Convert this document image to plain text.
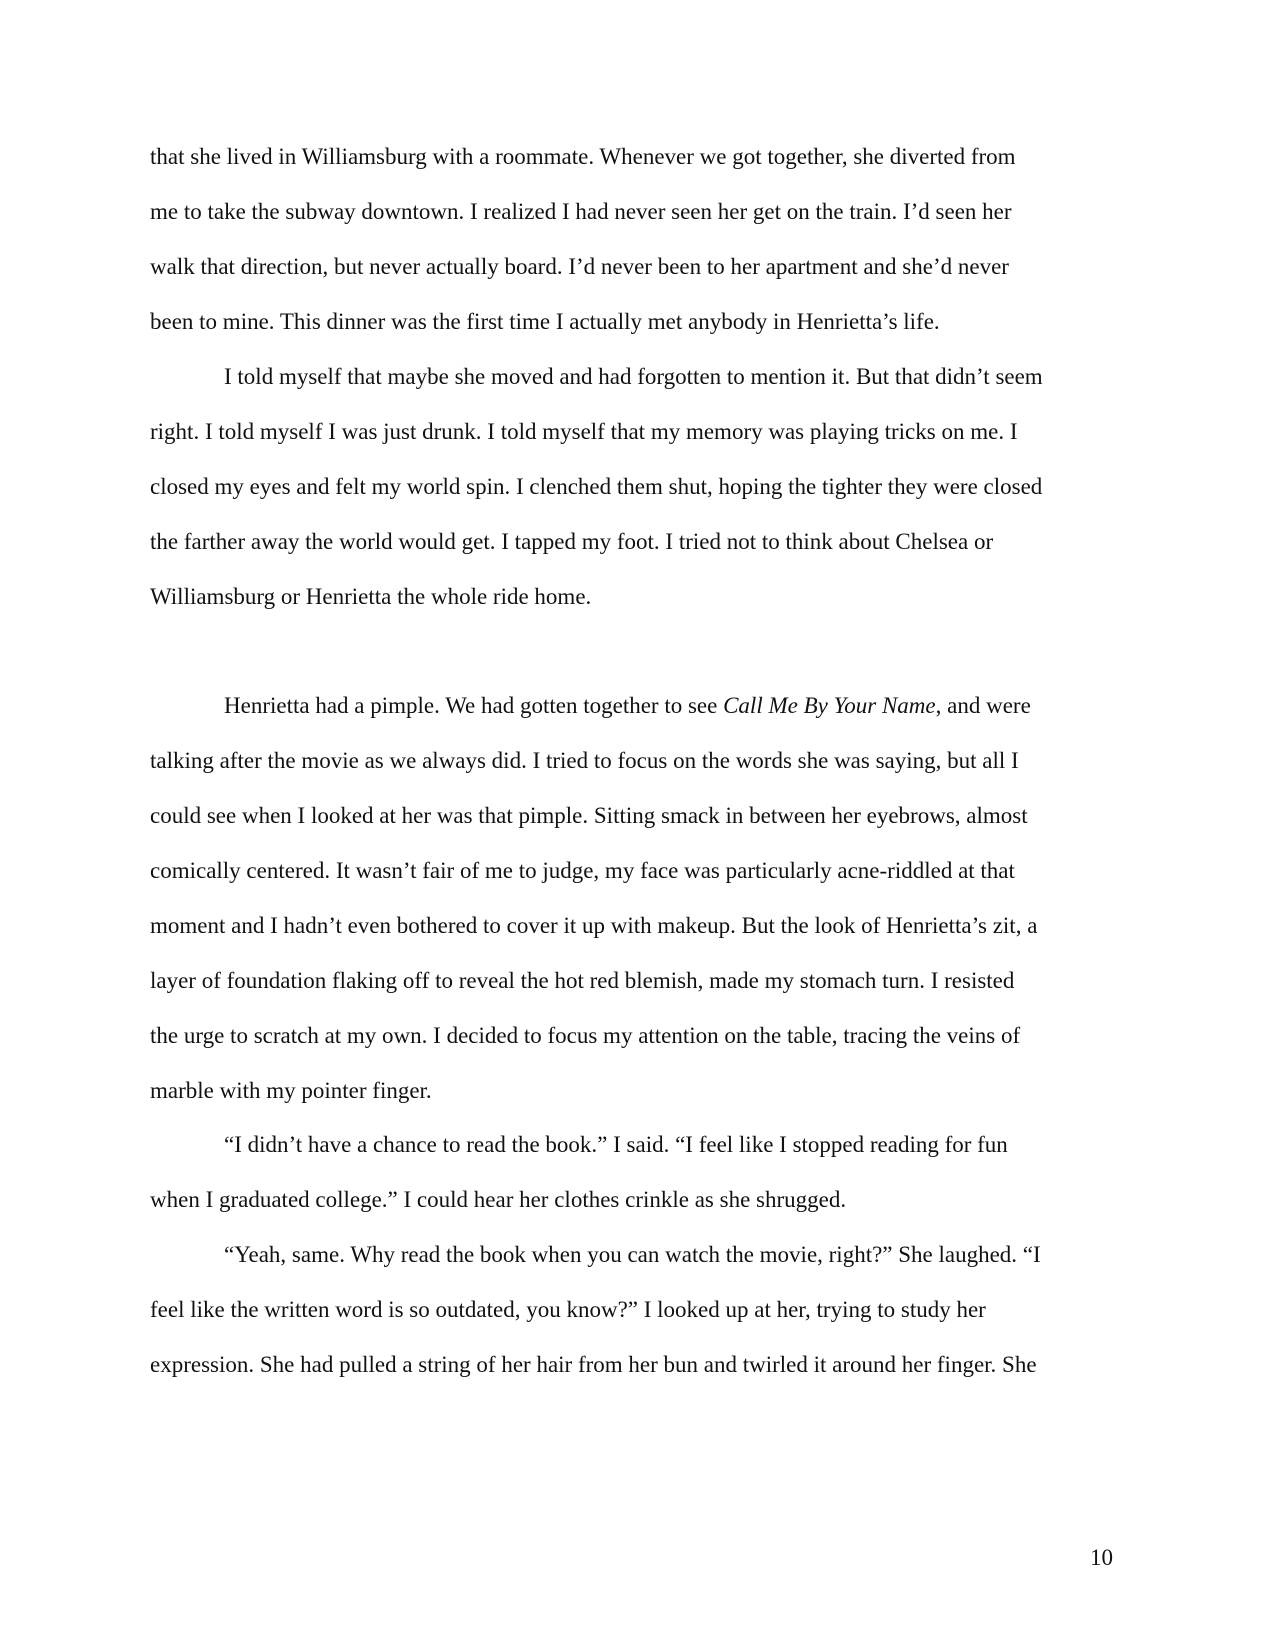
that she lived in Williamsburg with a roommate. Whenever we got together, she diverted from
me to take the subway downtown. I realized I had never seen her get on the train. I’d seen her
walk that direction, but never actually board. I’d never been to her apartment and she’d never
been to mine. This dinner was the first time I actually met anybody in Henrietta’s life.
I told myself that maybe she moved and had forgotten to mention it. But that didn’t seem
right. I told myself I was just drunk. I told myself that my memory was playing tricks on me. I
closed my eyes and felt my world spin. I clenched them shut, hoping the tighter they were closed
the farther away the world would get. I tapped my foot. I tried not to think about Chelsea or
Williamsburg or Henrietta the whole ride home.
Henrietta had a pimple. We had gotten together to see Call Me By Your Name, and were
talking after the movie as we always did. I tried to focus on the words she was saying, but all I
could see when I looked at her was that pimple. Sitting smack in between her eyebrows, almost
comically centered. It wasn’t fair of me to judge, my face was particularly acne-riddled at that
moment and I hadn’t even bothered to cover it up with makeup. But the look of Henrietta’s zit, a
layer of foundation flaking off to reveal the hot red blemish, made my stomach turn. I resisted
the urge to scratch at my own. I decided to focus my attention on the table, tracing the veins of
marble with my pointer finger.
“I didn’t have a chance to read the book.” I said. “I feel like I stopped reading for fun
when I graduated college.” I could hear her clothes crinkle as she shrugged.
“Yeah, same. Why read the book when you can watch the movie, right?” She laughed. “I
feel like the written word is so outdated, you know?” I looked up at her, trying to study her
expression. She had pulled a string of her hair from her bun and twirled it around her finger. She
10
